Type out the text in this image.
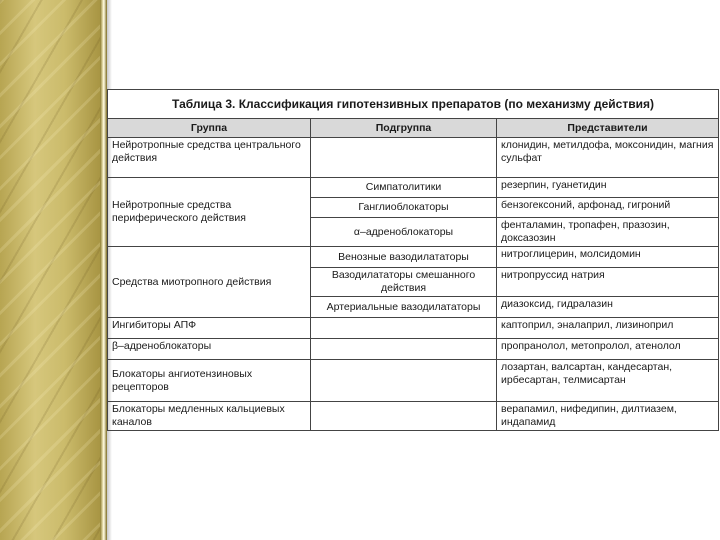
Таблица 3. Классификация гипотензивных препаратов (по механизму действия)		
Группа	Подгруппа	Представители
Нейротропные средства центрального действия		клонидин, метилдофа, моксонидин, магния сульфат
Нейротропные средства периферического действия	Симпатолитики	резерпин, гуанетидин
	Ганглиоблокаторы	бензогексоний, арфонад, гигроний
	α–адреноблокаторы	фенталамин, тропафен, празозин, доксазозин
Средства миотропного действия	Венозные вазодилататоры	нитроглицерин, молсидомин
	Вазодилататоры смешанного действия	нитропруссид натрия
	Артериальные вазодилататоры	диазоксид, гидралазин
Ингибиторы АПФ		каптоприл, эналаприл, лизиноприл
β–адреноблокаторы		пропранолол, метопролол, атенолол
Блокаторы ангиотензиновых рецепторов		лозартан, валсартан, кандесартан, ирбесартан, телмисартан
Блокаторы медленных кальциевых каналов		верапамил, нифедипин, дилтиазем, индапамид
